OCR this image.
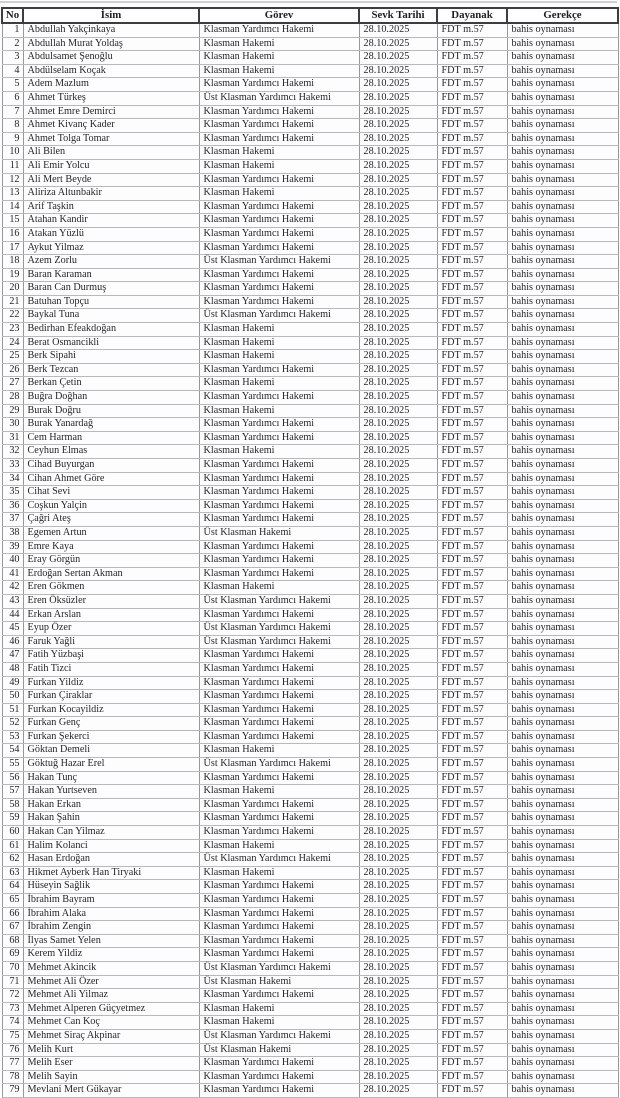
No	İsim	Görev	Sevk Tarihi	Dayanak	Gerekçe
1	Abdullah Yakçinkaya	Klasman Yardımcı Hakemi	28.10.2025	FDT m.57	bahis oynaması
2	Abdullah Murat Yoldaş	Klasman Hakemi	28.10.2025	FDT m.57	bahis oynaması
3	Abdulsamet Şenoğlu	Klasman Hakemi	28.10.2025	FDT m.57	bahis oynaması
4	Abdülselam Koçak	Klasman Hakemi	28.10.2025	FDT m.57	bahis oynaması
5	Adem Mazlum	Klasman Yardımcı Hakemi	28.10.2025	FDT m.57	bahis oynaması
6	Ahmet Türkeş	Üst Klasman Yardımcı Hakemi	28.10.2025	FDT m.57	bahis oynaması
7	Ahmet Emre Demirci	Klasman Yardımcı Hakemi	28.10.2025	FDT m.57	bahis oynaması
8	Ahmet Kivanç Kader	Klasman Yardımcı Hakemi	28.10.2025	FDT m.57	bahis oynaması
9	Ahmet Tolga Tomar	Klasman Yardımcı Hakemi	28.10.2025	FDT m.57	bahis oynaması
10	Ali Bilen	Klasman Hakemi	28.10.2025	FDT m.57	bahis oynaması
11	Ali Emir Yolcu	Klasman Hakemi	28.10.2025	FDT m.57	bahis oynaması
12	Ali Mert Beyde	Klasman Yardımcı Hakemi	28.10.2025	FDT m.57	bahis oynaması
13	Aliriza Altunbakir	Klasman Hakemi	28.10.2025	FDT m.57	bahis oynaması
14	Arif Taşkin	Klasman Yardımcı Hakemi	28.10.2025	FDT m.57	bahis oynaması
15	Atahan Kandir	Klasman Yardımcı Hakemi	28.10.2025	FDT m.57	bahis oynaması
16	Atakan Yüzlü	Klasman Yardımcı Hakemi	28.10.2025	FDT m.57	bahis oynaması
17	Aykut Yilmaz	Klasman Yardımcı Hakemi	28.10.2025	FDT m.57	bahis oynaması
18	Azem Zorlu	Üst Klasman Yardımcı Hakemi	28.10.2025	FDT m.57	bahis oynaması
19	Baran Karaman	Klasman Yardımcı Hakemi	28.10.2025	FDT m.57	bahis oynaması
20	Baran Can Durmuş	Klasman Yardımcı Hakemi	28.10.2025	FDT m.57	bahis oynaması
21	Batuhan Topçu	Klasman Yardımcı Hakemi	28.10.2025	FDT m.57	bahis oynaması
22	Baykal Tuna	Üst Klasman Yardımcı Hakemi	28.10.2025	FDT m.57	bahis oynaması
23	Bedirhan Efeakdoğan	Klasman Hakemi	28.10.2025	FDT m.57	bahis oynaması
24	Berat Osmancikli	Klasman Hakemi	28.10.2025	FDT m.57	bahis oynaması
25	Berk Sipahi	Klasman Hakemi	28.10.2025	FDT m.57	bahis oynaması
26	Berk Tezcan	Klasman Yardımcı Hakemi	28.10.2025	FDT m.57	bahis oynaması
27	Berkan Çetin	Klasman Hakemi	28.10.2025	FDT m.57	bahis oynaması
28	Buğra Doğhan	Klasman Yardımcı Hakemi	28.10.2025	FDT m.57	bahis oynaması
29	Burak Doğru	Klasman Hakemi	28.10.2025	FDT m.57	bahis oynaması
30	Burak Yanardağ	Klasman Yardımcı Hakemi	28.10.2025	FDT m.57	bahis oynaması
31	Cem Harman	Klasman Yardımcı Hakemi	28.10.2025	FDT m.57	bahis oynaması
32	Ceyhun Elmas	Klasman Hakemi	28.10.2025	FDT m.57	bahis oynaması
33	Cihad Buyurgan	Klasman Yardımcı Hakemi	28.10.2025	FDT m.57	bahis oynaması
34	Cihan Ahmet Göre	Klasman Yardımcı Hakemi	28.10.2025	FDT m.57	bahis oynaması
35	Cihat Sevi	Klasman Yardımcı Hakemi	28.10.2025	FDT m.57	bahis oynaması
36	Coşkun Yalçin	Klasman Yardımcı Hakemi	28.10.2025	FDT m.57	bahis oynaması
37	Çağri Ateş	Klasman Yardımcı Hakemi	28.10.2025	FDT m.57	bahis oynaması
38	Egemen Artun	Üst Klasman Hakemi	28.10.2025	FDT m.57	bahis oynaması
39	Emre Kaya	Klasman Yardımcı Hakemi	28.10.2025	FDT m.57	bahis oynaması
40	Eray Görgün	Klasman Yardımcı Hakemi	28.10.2025	FDT m.57	bahis oynaması
41	Erdoğan Sertan Akman	Klasman Yardımcı Hakemi	28.10.2025	FDT m.57	bahis oynaması
42	Eren Gökmen	Klasman Hakemi	28.10.2025	FDT m.57	bahis oynaması
43	Eren Öksüzler	Üst Klasman Yardımcı Hakemi	28.10.2025	FDT m.57	bahis oynaması
44	Erkan Arslan	Klasman Yardımcı Hakemi	28.10.2025	FDT m.57	bahis oynaması
45	Eyup Özer	Üst Klasman Yardımcı Hakemi	28.10.2025	FDT m.57	bahis oynaması
46	Faruk Yağli	Üst Klasman Yardımcı Hakemi	28.10.2025	FDT m.57	bahis oynaması
47	Fatih Yüzbaşi	Klasman Yardımcı Hakemi	28.10.2025	FDT m.57	bahis oynaması
48	Fatih Tizci	Klasman Yardımcı Hakemi	28.10.2025	FDT m.57	bahis oynaması
49	Furkan Yildiz	Klasman Yardımcı Hakemi	28.10.2025	FDT m.57	bahis oynaması
50	Furkan Çiraklar	Klasman Yardımcı Hakemi	28.10.2025	FDT m.57	bahis oynaması
51	Furkan Kocayildiz	Klasman Yardımcı Hakemi	28.10.2025	FDT m.57	bahis oynaması
52	Furkan Genç	Klasman Yardımcı Hakemi	28.10.2025	FDT m.57	bahis oynaması
53	Furkan Şekerci	Klasman Yardımcı Hakemi	28.10.2025	FDT m.57	bahis oynaması
54	Göktan Demeli	Klasman Hakemi	28.10.2025	FDT m.57	bahis oynaması
55	Göktuğ Hazar Erel	Üst Klasman Yardımcı Hakemi	28.10.2025	FDT m.57	bahis oynaması
56	Hakan Tunç	Klasman Yardımcı Hakemi	28.10.2025	FDT m.57	bahis oynaması
57	Hakan Yurtseven	Klasman Hakemi	28.10.2025	FDT m.57	bahis oynaması
58	Hakan Erkan	Klasman Yardımcı Hakemi	28.10.2025	FDT m.57	bahis oynaması
59	Hakan Şahin	Klasman Yardımcı Hakemi	28.10.2025	FDT m.57	bahis oynaması
60	Hakan Can Yilmaz	Klasman Yardımcı Hakemi	28.10.2025	FDT m.57	bahis oynaması
61	Halim Kolanci	Klasman Hakemi	28.10.2025	FDT m.57	bahis oynaması
62	Hasan Erdoğan	Üst Klasman Yardımcı Hakemi	28.10.2025	FDT m.57	bahis oynaması
63	Hikmet Ayberk Han Tiryaki	Klasman Hakemi	28.10.2025	FDT m.57	bahis oynaması
64	Hüseyin Sağlik	Klasman Yardımcı Hakemi	28.10.2025	FDT m.57	bahis oynaması
65	İbrahim Bayram	Klasman Yardımcı Hakemi	28.10.2025	FDT m.57	bahis oynaması
66	İbrahim Alaka	Klasman Yardımcı Hakemi	28.10.2025	FDT m.57	bahis oynaması
67	İbrahim Zengin	Klasman Yardımcı Hakemi	28.10.2025	FDT m.57	bahis oynaması
68	İlyas Samet Yelen	Klasman Yardımcı Hakemi	28.10.2025	FDT m.57	bahis oynaması
69	Kerem Yildiz	Klasman Yardımcı Hakemi	28.10.2025	FDT m.57	bahis oynaması
70	Mehmet Akincik	Üst Klasman Yardımcı Hakemi	28.10.2025	FDT m.57	bahis oynaması
71	Mehmet Ali Özer	Üst Klasman Hakemi	28.10.2025	FDT m.57	bahis oynaması
72	Mehmet Ali Yilmaz	Klasman Yardımcı Hakemi	28.10.2025	FDT m.57	bahis oynaması
73	Mehmet Alperen Güçyetmez	Klasman Hakemi	28.10.2025	FDT m.57	bahis oynaması
74	Mehmet Can Koç	Klasman Hakemi	28.10.2025	FDT m.57	bahis oynaması
75	Mehmet Siraç Akpinar	Üst Klasman Yardımcı Hakemi	28.10.2025	FDT m.57	bahis oynaması
76	Melih Kurt	Üst Klasman Hakemi	28.10.2025	FDT m.57	bahis oynaması
77	Melih Eser	Klasman Yardımcı Hakemi	28.10.2025	FDT m.57	bahis oynaması
78	Melih Sayin	Klasman Yardımcı Hakemi	28.10.2025	FDT m.57	bahis oynaması
79	Mevlani Mert Gükayar	Klasman Yardımcı Hakemi	28.10.2025	FDT m.57	bahis oynaması
